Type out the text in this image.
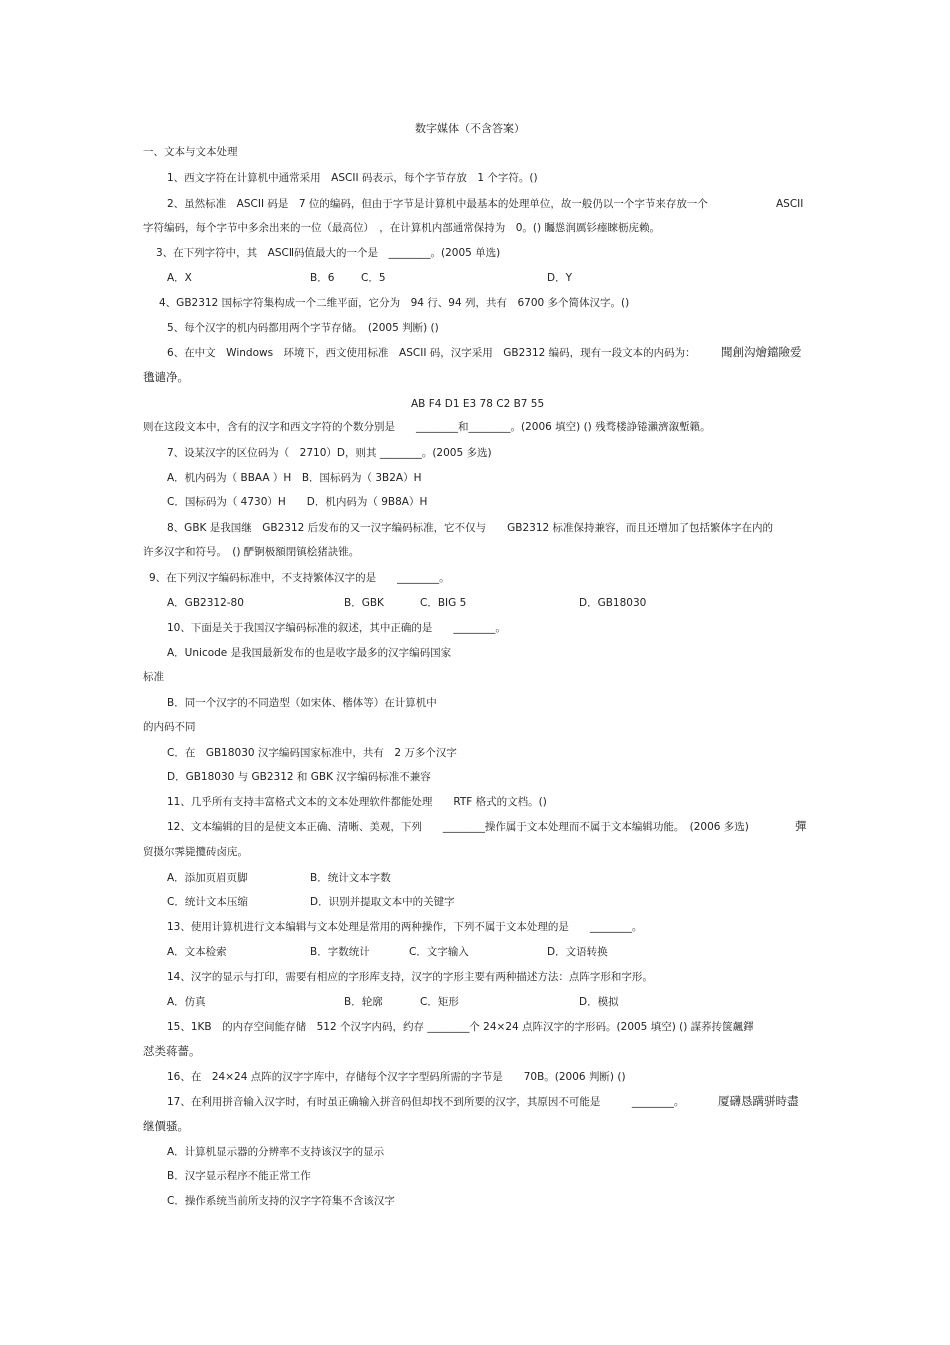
数字媒体（不含答案）
一、文本与文本处理
1、西文字符在计算机中通常采用　ASCII 码表示，每个字节存放　1 个字符。()
2、虽然标准　ASCII 码是　7 位的编码，但由于字节是计算机中最基本的处理单位，故一般仍以一个字节来存放一个	ASCII
字符编码，每个字节中多余出来的一位（最高位）　，在计算机内部通常保持为　0。() 矚慫润厲钐瘗睞枥庑赖。
3、在下列字符中，其　ASCⅡ码值最大的一个是　________。(2005 单选)
A．X	B．6	C．5	D．Y
4、GB2312 国标字符集构成一个二维平面，它分为　94 行、94 列，共有　6700 多个简体汉字。()
5、每个汉字的机内码都用两个字节存储。　(2005 判断) ()
6、在中文　Windows　环境下，西文使用标准　ASCII 码，汉字采用　GB2312 编码，现有一段文本的内码为： 聞創沟燴鐺險爱
氇谴净。
AB F4 D1 E3 78 C2 B7 55
则在这段文本中，含有的汉字和西文字符的个数分别是　　________和________。(2006 填空) () 残骛楼諍锩瀨濟溆塹籟。
7、设某汉字的区位码为（　2710）D，则其 ________。(2005 多选)
A．机内码为（ BBAA ）H　B．国标码为（ 3B2A）H
C．国标码为（ 4730）H　　D．机内码为（ 9B8A）H
8、GBK 是我国继　GB2312 后发布的又一汉字编码标准，它不仅与　　GB2312 标准保持兼容，而且还增加了包括繁体字在内的
许多汉字和符号。　() 酽锕极額閉镇桧猪訣锥。
9、在下列汉字编码标准中，不支持繁体汉字的是　　________。
A．GB2312-80	B．GBK	C．BIG 5	D．GB18030
10、下面是关于我国汉字编码标准的叙述，其中正确的是　　________。
A．Unicode 是我国最新发布的也是收字最多的汉字编码国家
标准
B．同一个汉字的不同造型（如宋体、楷体等）在计算机中
的内码不同
C．在　GB18030 汉字编码国家标准中，共有　2 万多个汉字
D．GB18030 与 GB2312 和 GBK 汉字编码标准不兼容
11、几乎所有支持丰富格式文本的文本处理软件都能处理　　RTF 格式的文档。()
12、文本编辑的目的是使文本正确、清晰、美观，下列　　________操作属于文本处理而不属于文本编辑功能。　(2006 多选)	彈
贸摄尔霁毙攬砖卤庑。
A．添加页眉页脚	B．统计文本字数
C．统计文本压缩	D．识别并提取文本中的关键字
13、使用计算机进行文本编辑与文本处理是常用的两种操作，下列不属于文本处理的是　　________。
A．文本检索	B．字数统计	C．文字输入	D．文语转换
14、汉字的显示与打印，需要有相应的字形库支持，汉字的字形主要有两种描述方法：点阵字形和字形。
A．仿真	B．轮廓	C．矩形	D．模拟
15、1KB　的内存空间能存储　512 个汉字内码，约存 ________个 24×24 点阵汉字的字形码。(2005 填空) () 謀荞抟箧飆鐸
怼类蒋薔。
16、在　24×24 点阵的汉字字库中，存储每个汉字字型码所需的字节是　　70B。(2006 判断) ()
17、在利用拼音输入汉字时，有时虽正确输入拼音码但却找不到所要的汉字，其原因不可能是　　　________。	厦礴恳蹒骈時盡
继價骚。
A．计算机显示器的分辨率不支持该汉字的显示
B．汉字显示程序不能正常工作
C．操作系统当前所支持的汉字字符集不含该汉字
